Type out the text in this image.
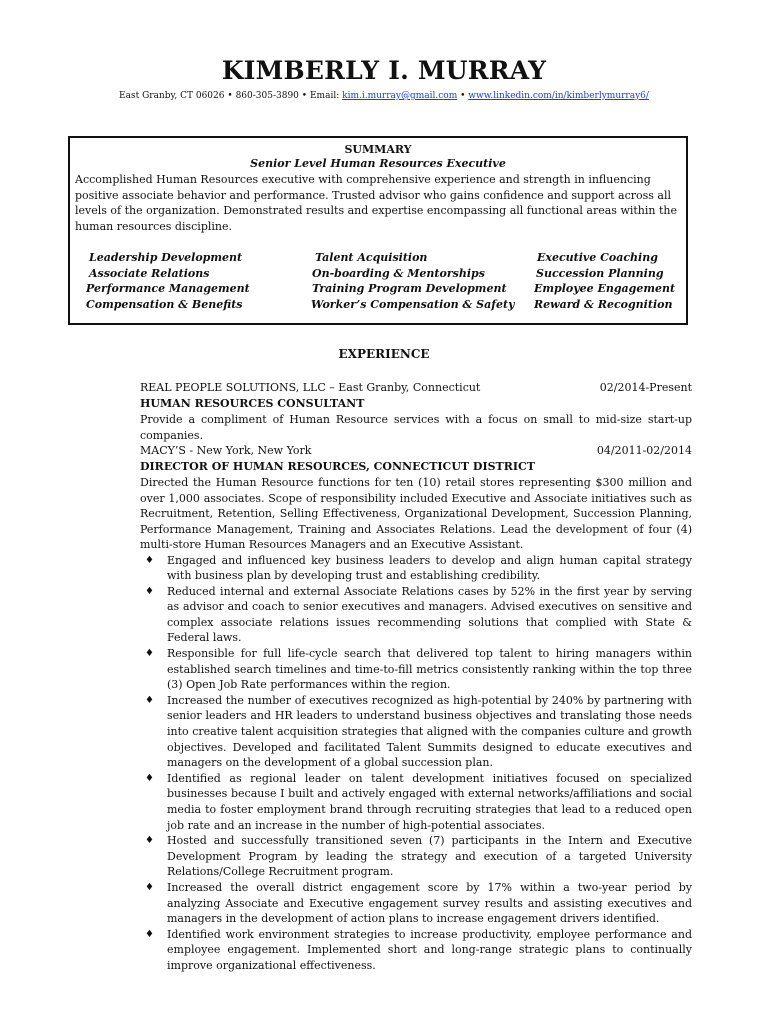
KIMBERLY I. MURRAY
East Granby, CT 06026 • 860-305-3890 • Email: kim.i.murray@gmail.com • www.linkedin.com/in/kimberlymurray6/
SUMMARY
Senior Level Human Resources Executive
Accomplished Human Resources executive with comprehensive experience and strength in influencing positive associate behavior and performance. Trusted advisor who gains confidence and support across all levels of the organization. Demonstrated results and expertise encompassing all functional areas within the human resources discipline.
Leadership Development
Associate Relations
Performance Management
Compensation & Benefits
Talent Acquisition
On-boarding & Mentorships
Training Program Development
Worker’s Compensation & Safety
Executive Coaching
Succession Planning
Employee Engagement
Reward & Recognition
EXPERIENCE
REAL PEOPLE SOLUTIONS, LLC – East Granby, Connecticut	02/2014-Present
HUMAN RESOURCES CONSULTANT
Provide a compliment of Human Resource services with a focus on small to mid-size start-up companies.
MACY’S - New York, New York	04/2011-02/2014
DIRECTOR OF HUMAN RESOURCES, CONNECTICUT DISTRICT
Directed the Human Resource functions for ten (10) retail stores representing $300 million and over 1,000 associates. Scope of responsibility included Executive and Associate initiatives such as Recruitment, Retention, Selling Effectiveness, Organizational Development, Succession Planning, Performance Management, Training and Associates Relations. Lead the development of four (4) multi-store Human Resources Managers and an Executive Assistant.
♦ Engaged and influenced key business leaders to develop and align human capital strategy with business plan by developing trust and establishing credibility.
♦ Reduced internal and external Associate Relations cases by 52% in the first year by serving as advisor and coach to senior executives and managers. Advised executives on sensitive and complex associate relations issues recommending solutions that complied with State & Federal laws.
♦ Responsible for full life-cycle search that delivered top talent to hiring managers within established search timelines and time-to-fill metrics consistently ranking within the top three (3) Open Job Rate performances within the region.
♦ Increased the number of executives recognized as high-potential by 240% by partnering with senior leaders and HR leaders to understand business objectives and translating those needs into creative talent acquisition strategies that aligned with the companies culture and growth objectives. Developed and facilitated Talent Summits designed to educate executives and managers on the development of a global succession plan.
♦ Identified as regional leader on talent development initiatives focused on specialized businesses because I built and actively engaged with external networks/affiliations and social media to foster employment brand through recruiting strategies that lead to a reduced open job rate and an increase in the number of high-potential associates.
♦ Hosted and successfully transitioned seven (7) participants in the Intern and Executive Development Program by leading the strategy and execution of a targeted University Relations/College Recruitment program.
♦ Increased the overall district engagement score by 17% within a two-year period by analyzing Associate and Executive engagement survey results and assisting executives and managers in the development of action plans to increase engagement drivers identified.
♦ Identified work environment strategies to increase productivity, employee performance and employee engagement. Implemented short and long-range strategic plans to continually improve organizational effectiveness.
